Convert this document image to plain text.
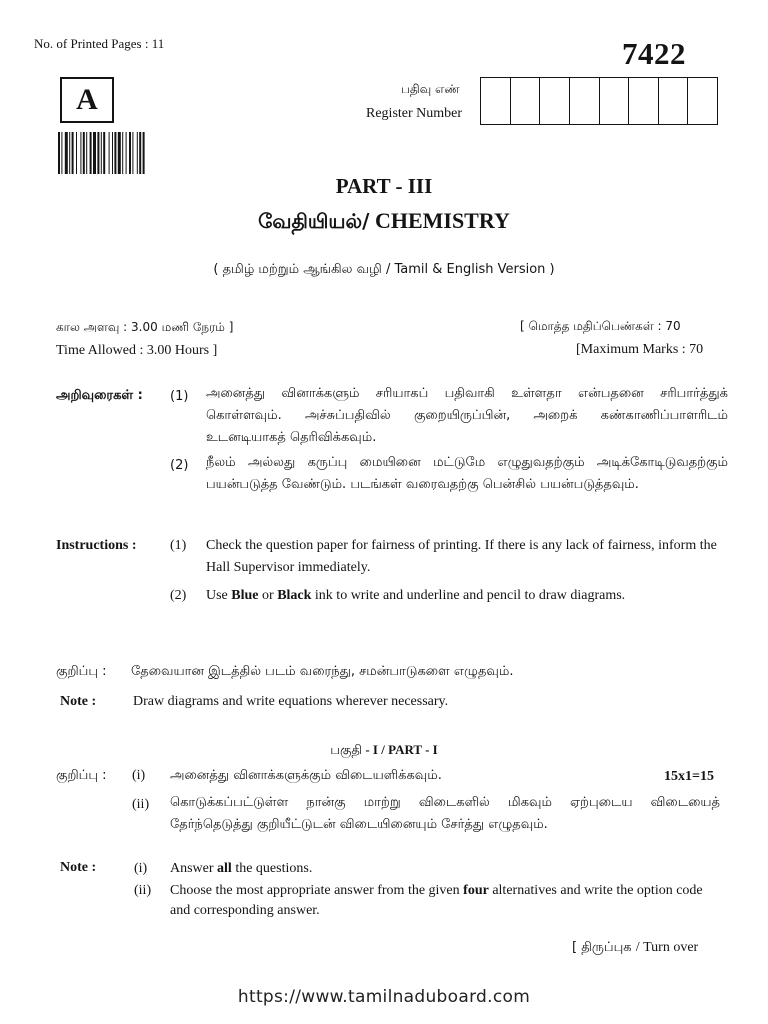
No. of Printed Pages : 11	7422
A	பதிவு எண்
Register Number
PART - III
வேதியியல்/ CHEMISTRY
( தமிழ் மற்றும் ஆங்கில வழி / Tamil & English Version )
கால அளவு : 3.00 மணி நேரம் ]
Time Allowed : 3.00 Hours ]
[ மொத்த மதிப்பெண்கள் : 70
[Maximum Marks : 70
அறிவுரைகள் : (1) அனைத்து வினாக்களும் சரியாகப் பதிவாகி உள்ளதா என்பதனை சரிபார்த்துக் கொள்ளவும். அச்சுப்பதிவில் குறையிருப்பின், அறைக் கண்காணிப்பாளரிடம் உடனடியாகத் தெரிவிக்கவும்.
(2) நீலம் அல்லது கருப்பு மையினை மட்டுமே எழுதுவதற்கும் அடிக்கோடிடுவதற்கும் பயன்படுத்த வேண்டும். படங்கள் வரைவதற்கு பென்சில் பயன்படுத்தவும்.
Instructions : (1) Check the question paper for fairness of printing. If there is any lack of fairness, inform the Hall Supervisor immediately.
(2) Use Blue or Black ink to write and underline and pencil to draw diagrams.
குறிப்பு : தேவையான இடத்தில் படம் வரைந்து, சமன்பாடுகளை எழுதவும்.
Note :	Draw diagrams and write equations wherever necessary.
பகுதி - I / PART - I
குறிப்பு : (i) அனைத்து வினாக்களுக்கும் விடையளிக்கவும்.	15x1=15
(ii) கொடுக்கப்பட்டுள்ள நான்கு மாற்று விடைகளில் மிகவும் ஏற்புடைய விடையைத் தேர்ந்தெடுத்து குறியீட்டுடன் விடையினையும் சேர்த்து எழுதவும்.
Note :	(i) Answer all the questions.
(ii) Choose the most appropriate answer from the given four alternatives and write the option code and corresponding answer.
[ திருப்புக / Turn over
https://www.tamilnaduboard.com
